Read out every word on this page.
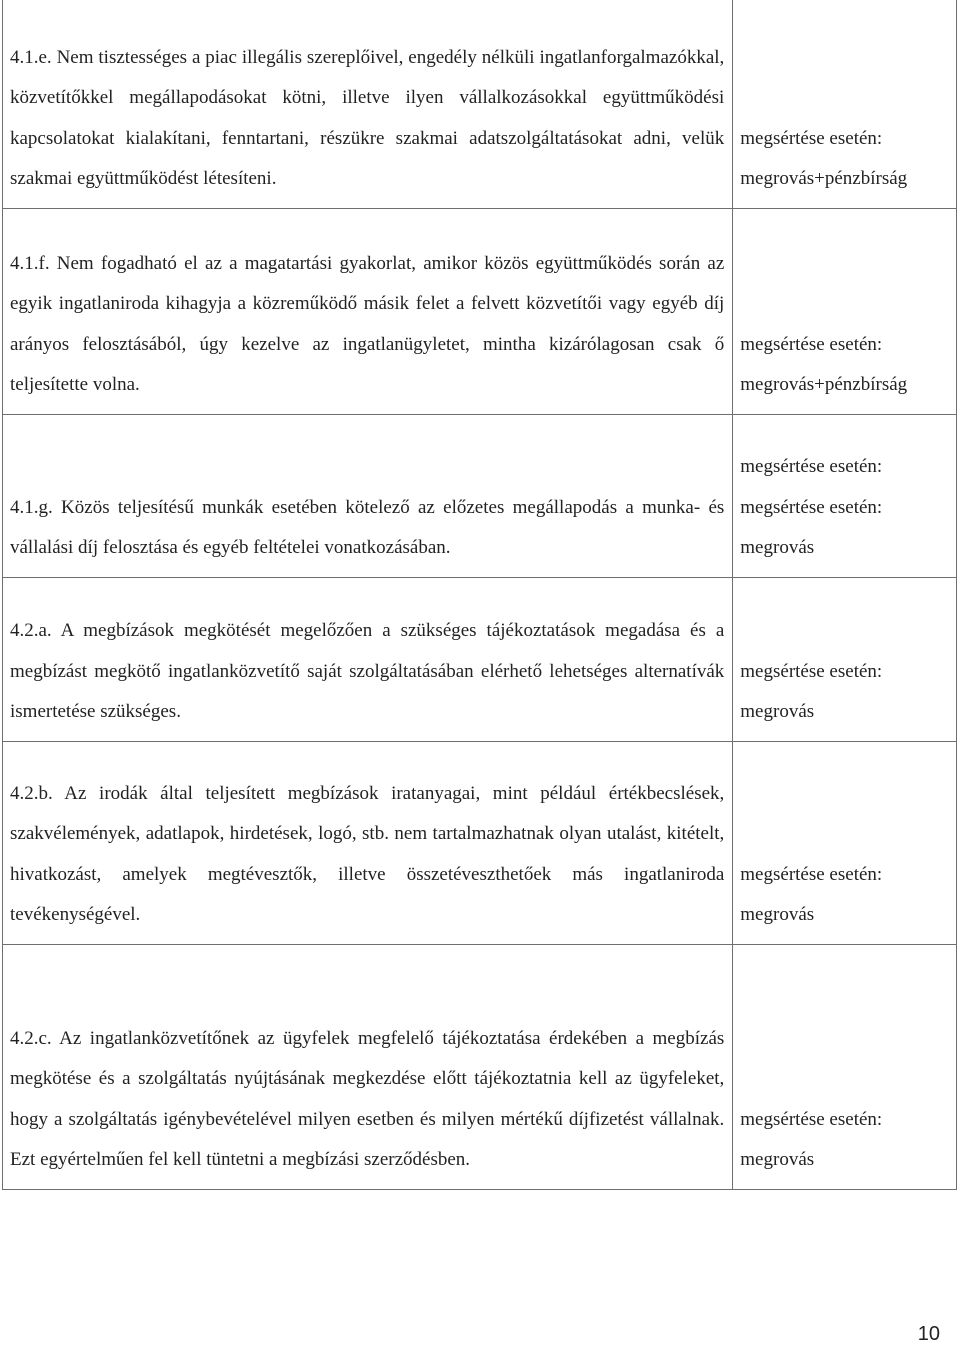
4.1.e. Nem tisztességes a piac illegális szereplőivel, engedély nélküli ingatlanforgalmazókkal, közvetítőkkel megállapodásokat kötni, illetve ilyen vállalkozásokkal együttműködési kapcsolatokat kialakítani, fenntartani, részükre szakmai adatszolgáltatásokat adni, velük szakmai együttműködést létesíteni.	megsértése esetén:
megrovás+pénzbírság

4.1.f. Nem fogadható el az a magatartási gyakorlat, amikor közös együttműködés során az egyik ingatlaniroda kihagyja a közreműködő másik felet a felvett közvetítői vagy egyéb díj arányos felosztásából, úgy kezelve az ingatlanügyletet, mintha kizárólagosan csak ő teljesítette volna.	megsértése esetén:
megrovás+pénzbírság

4.1.g. Közös teljesítésű munkák esetében kötelező az előzetes megállapodás a munka- és vállalási díj felosztása és egyéb feltételei vonatkozásában.	megsértése esetén:
megsértése esetén:
megrovás

4.2.a. A megbízások megkötését megelőzően a szükséges tájékoztatások megadása és a megbízást megkötő ingatlanközvetítő saját szolgáltatásában elérhető lehetséges alternatívák ismertetése szükséges.	megsértése esetén:
megrovás

4.2.b. Az irodák által teljesített megbízások iratanyagai, mint például értékbecslések, szakvélemények, adatlapok, hirdetések, logó, stb. nem tartalmazhatnak olyan utalást, kitételt, hivatkozást, amelyek megtévesztők, illetve összetéveszthetőek más ingatlaniroda tevékenységével.	megsértése esetén:
megrovás

4.2.c. Az ingatlanközvetítőnek az ügyfelek megfelelő tájékoztatása érdekében a megbízás megkötése és a szolgáltatás nyújtásának megkezdése előtt tájékoztatnia kell az ügyfeleket, hogy a szolgáltatás igénybevételével milyen esetben és milyen mértékű díjfizetést vállalnak. Ezt egyértelműen fel kell tüntetni a megbízási szerződésben.	megsértése esetén:
megrovás
10
